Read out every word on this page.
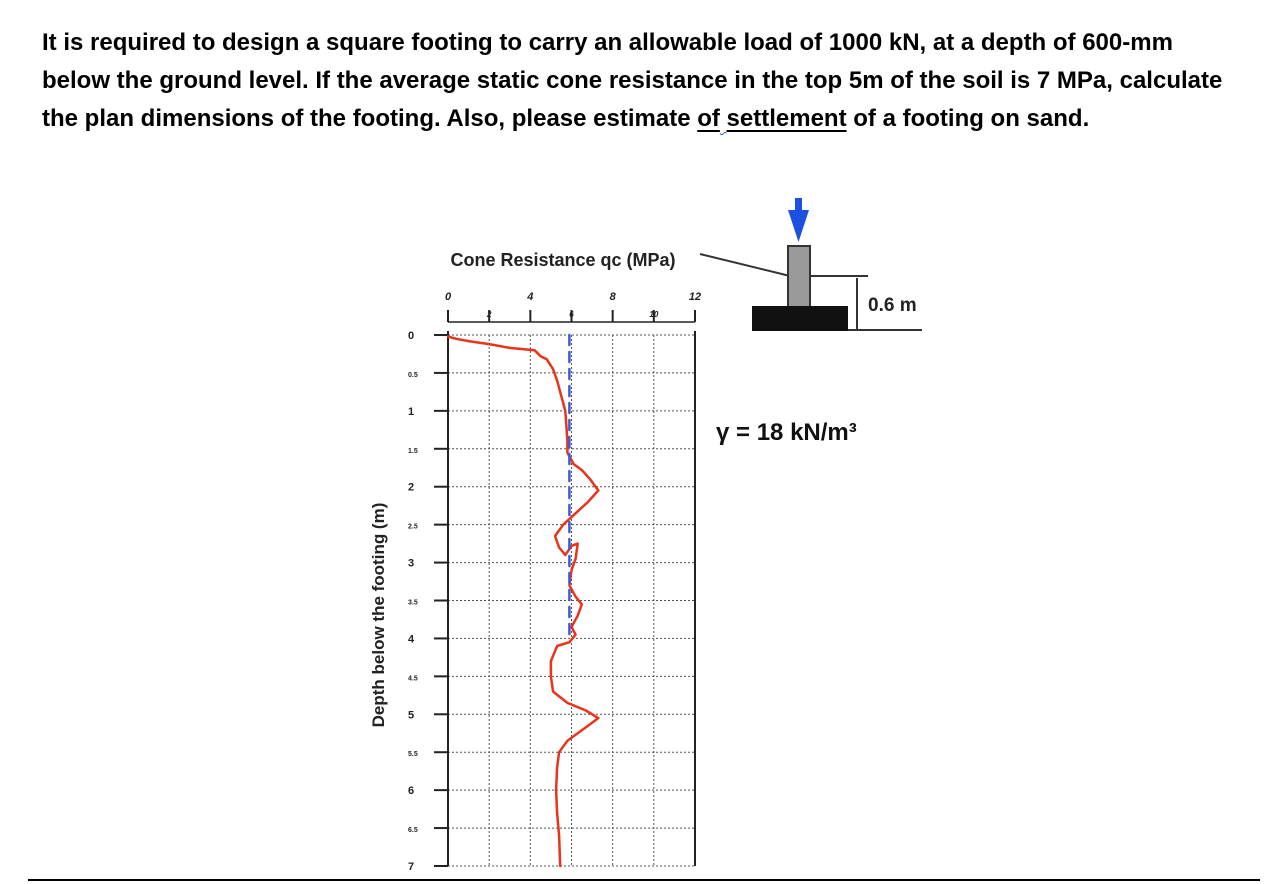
It is required to design a square footing to carry an allowable load of 1000 kN, at a depth of 600-mm below the ground level. If the average static cone resistance in the top 5m of the soil is 7 MPa, calculate the plan dimensions of the footing. Also, please estimate of settlement of a footing on sand.
Cone Resistance qc (MPa)
Depth below the footing (m)
0
2
4
6
8
10
12
0
0.5
1
1.5
2
2.5
3
3.5
4
4.5
5
5.5
6
6.5
7
0.6 m
γ = 18 kN/m³
